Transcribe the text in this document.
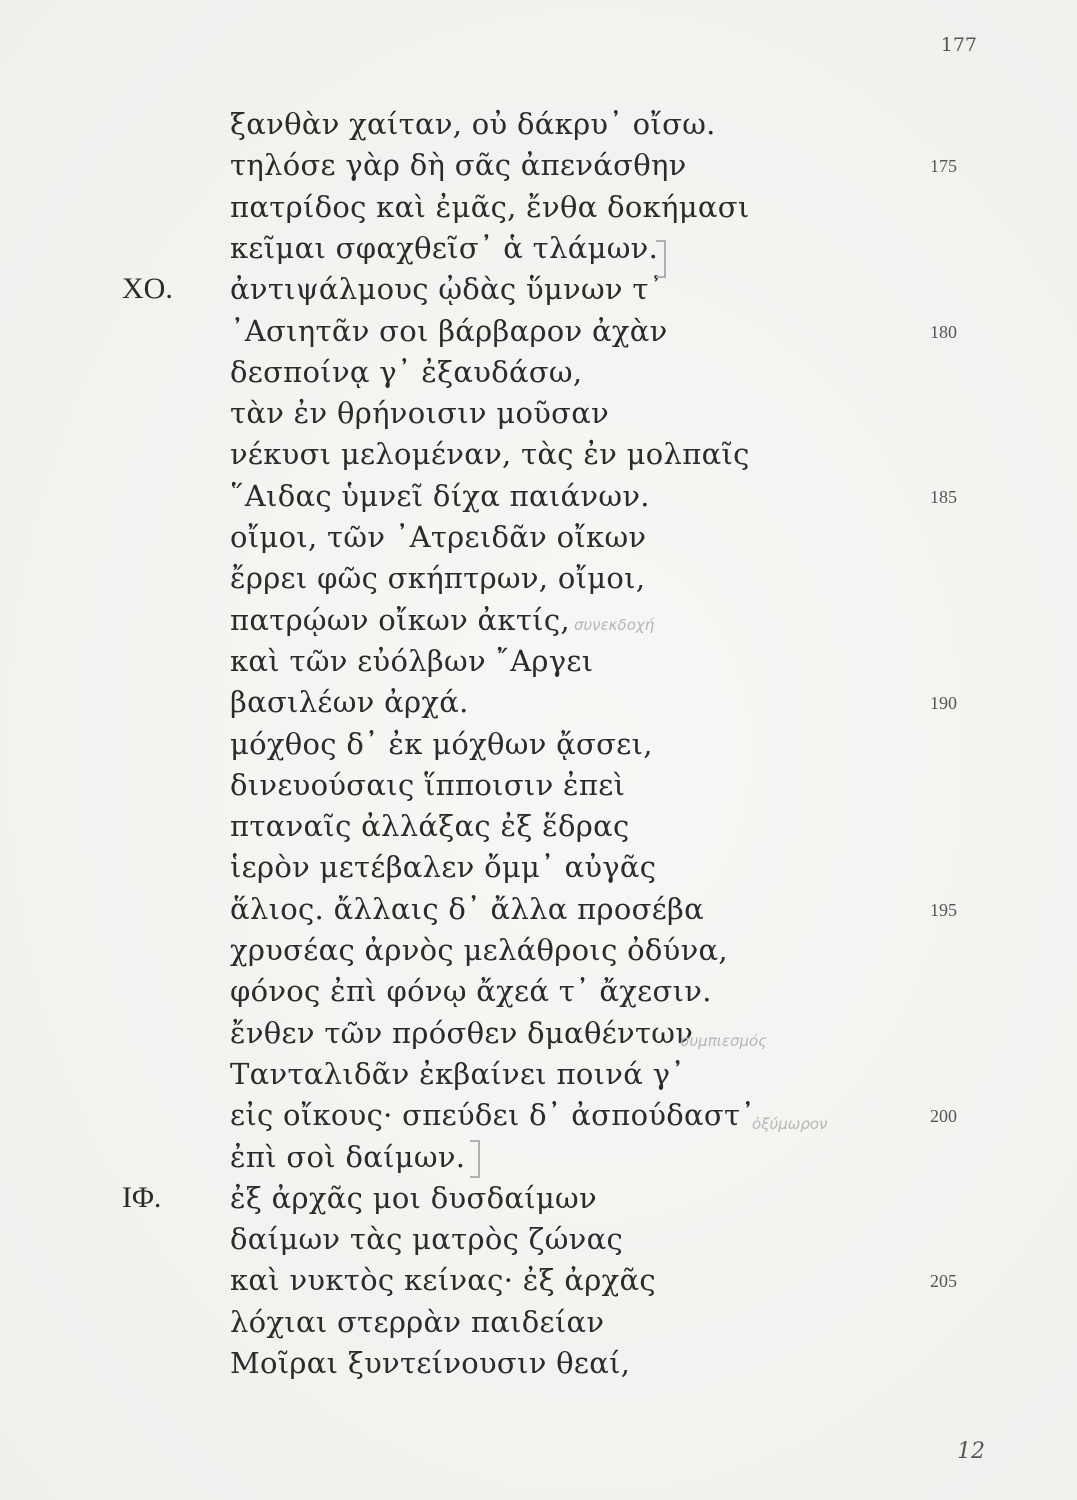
177
ξανθὰν χαίταν, οὐ δάκρυ᾽ οἴσω.
τηλόσε γὰρ δὴ σᾶς ἀπενάσθην	175
πατρίδος καὶ ἐμᾶς, ἔνθα δοκήμασι
κεῖμαι σφαχθεῖσ᾽ ἁ τλάμων.
ΧΟ. ἀντιψάλμους ᾠδὰς ὕμνων τ᾽
᾽Ασιητᾶν σοι βάρβαρον ἀχὰν	180
δεσποίνᾳ γ᾽ ἐξαυδάσω,
τὰν ἐν θρήνοισιν μοῦσαν
νέκυσι μελομέναν, τὰς ἐν μολπαῖς
῞Αιδας ὑμνεῖ δίχα παιάνων.	185
οἴμοι, τῶν ᾽Ατρειδᾶν οἴκων
ἔρρει φῶς σκήπτρων, οἴμοι,
πατρῴων οἴκων ἀκτίς,
καὶ τῶν εὐόλβων ῎Αργει
βασιλέων ἀρχά.	190
μόχθος δ᾽ ἐκ μόχθων ᾄσσει,
δινευούσαις ἵπποισιν ἐπεὶ
πταναῖς ἀλλάξας ἐξ ἕδρας
ἱερὸν μετέβαλεν ὄμμ᾽ αὐγᾶς
ἅλιος. ἄλλαις δ᾽ ἄλλα προσέβα	195
χρυσέας ἀρνὸς μελάθροις ὀδύνα,
φόνος ἐπὶ φόνῳ ἄχεά τ᾽ ἄχεσιν.
ἔνθεν τῶν πρόσθεν δμαθέντων
Τανταλιδᾶν ἐκβαίνει ποινά γ᾽
εἰς οἴκους· σπεύδει δ᾽ ἀσπούδαστ᾽	200
ἐπὶ σοὶ δαίμων.
ΙΦ. ἐξ ἀρχᾶς μοι δυσδαίμων
δαίμων τὰς ματρὸς ζώνας
καὶ νυκτὸς κείνας· ἐξ ἀρχᾶς	205
λόχιαι στερρὰν παιδείαν
Μοῖραι ξυντείνουσιν θεαί,
συνεκδοχή
συμπιεσμός
ὀξύμωρον
12
